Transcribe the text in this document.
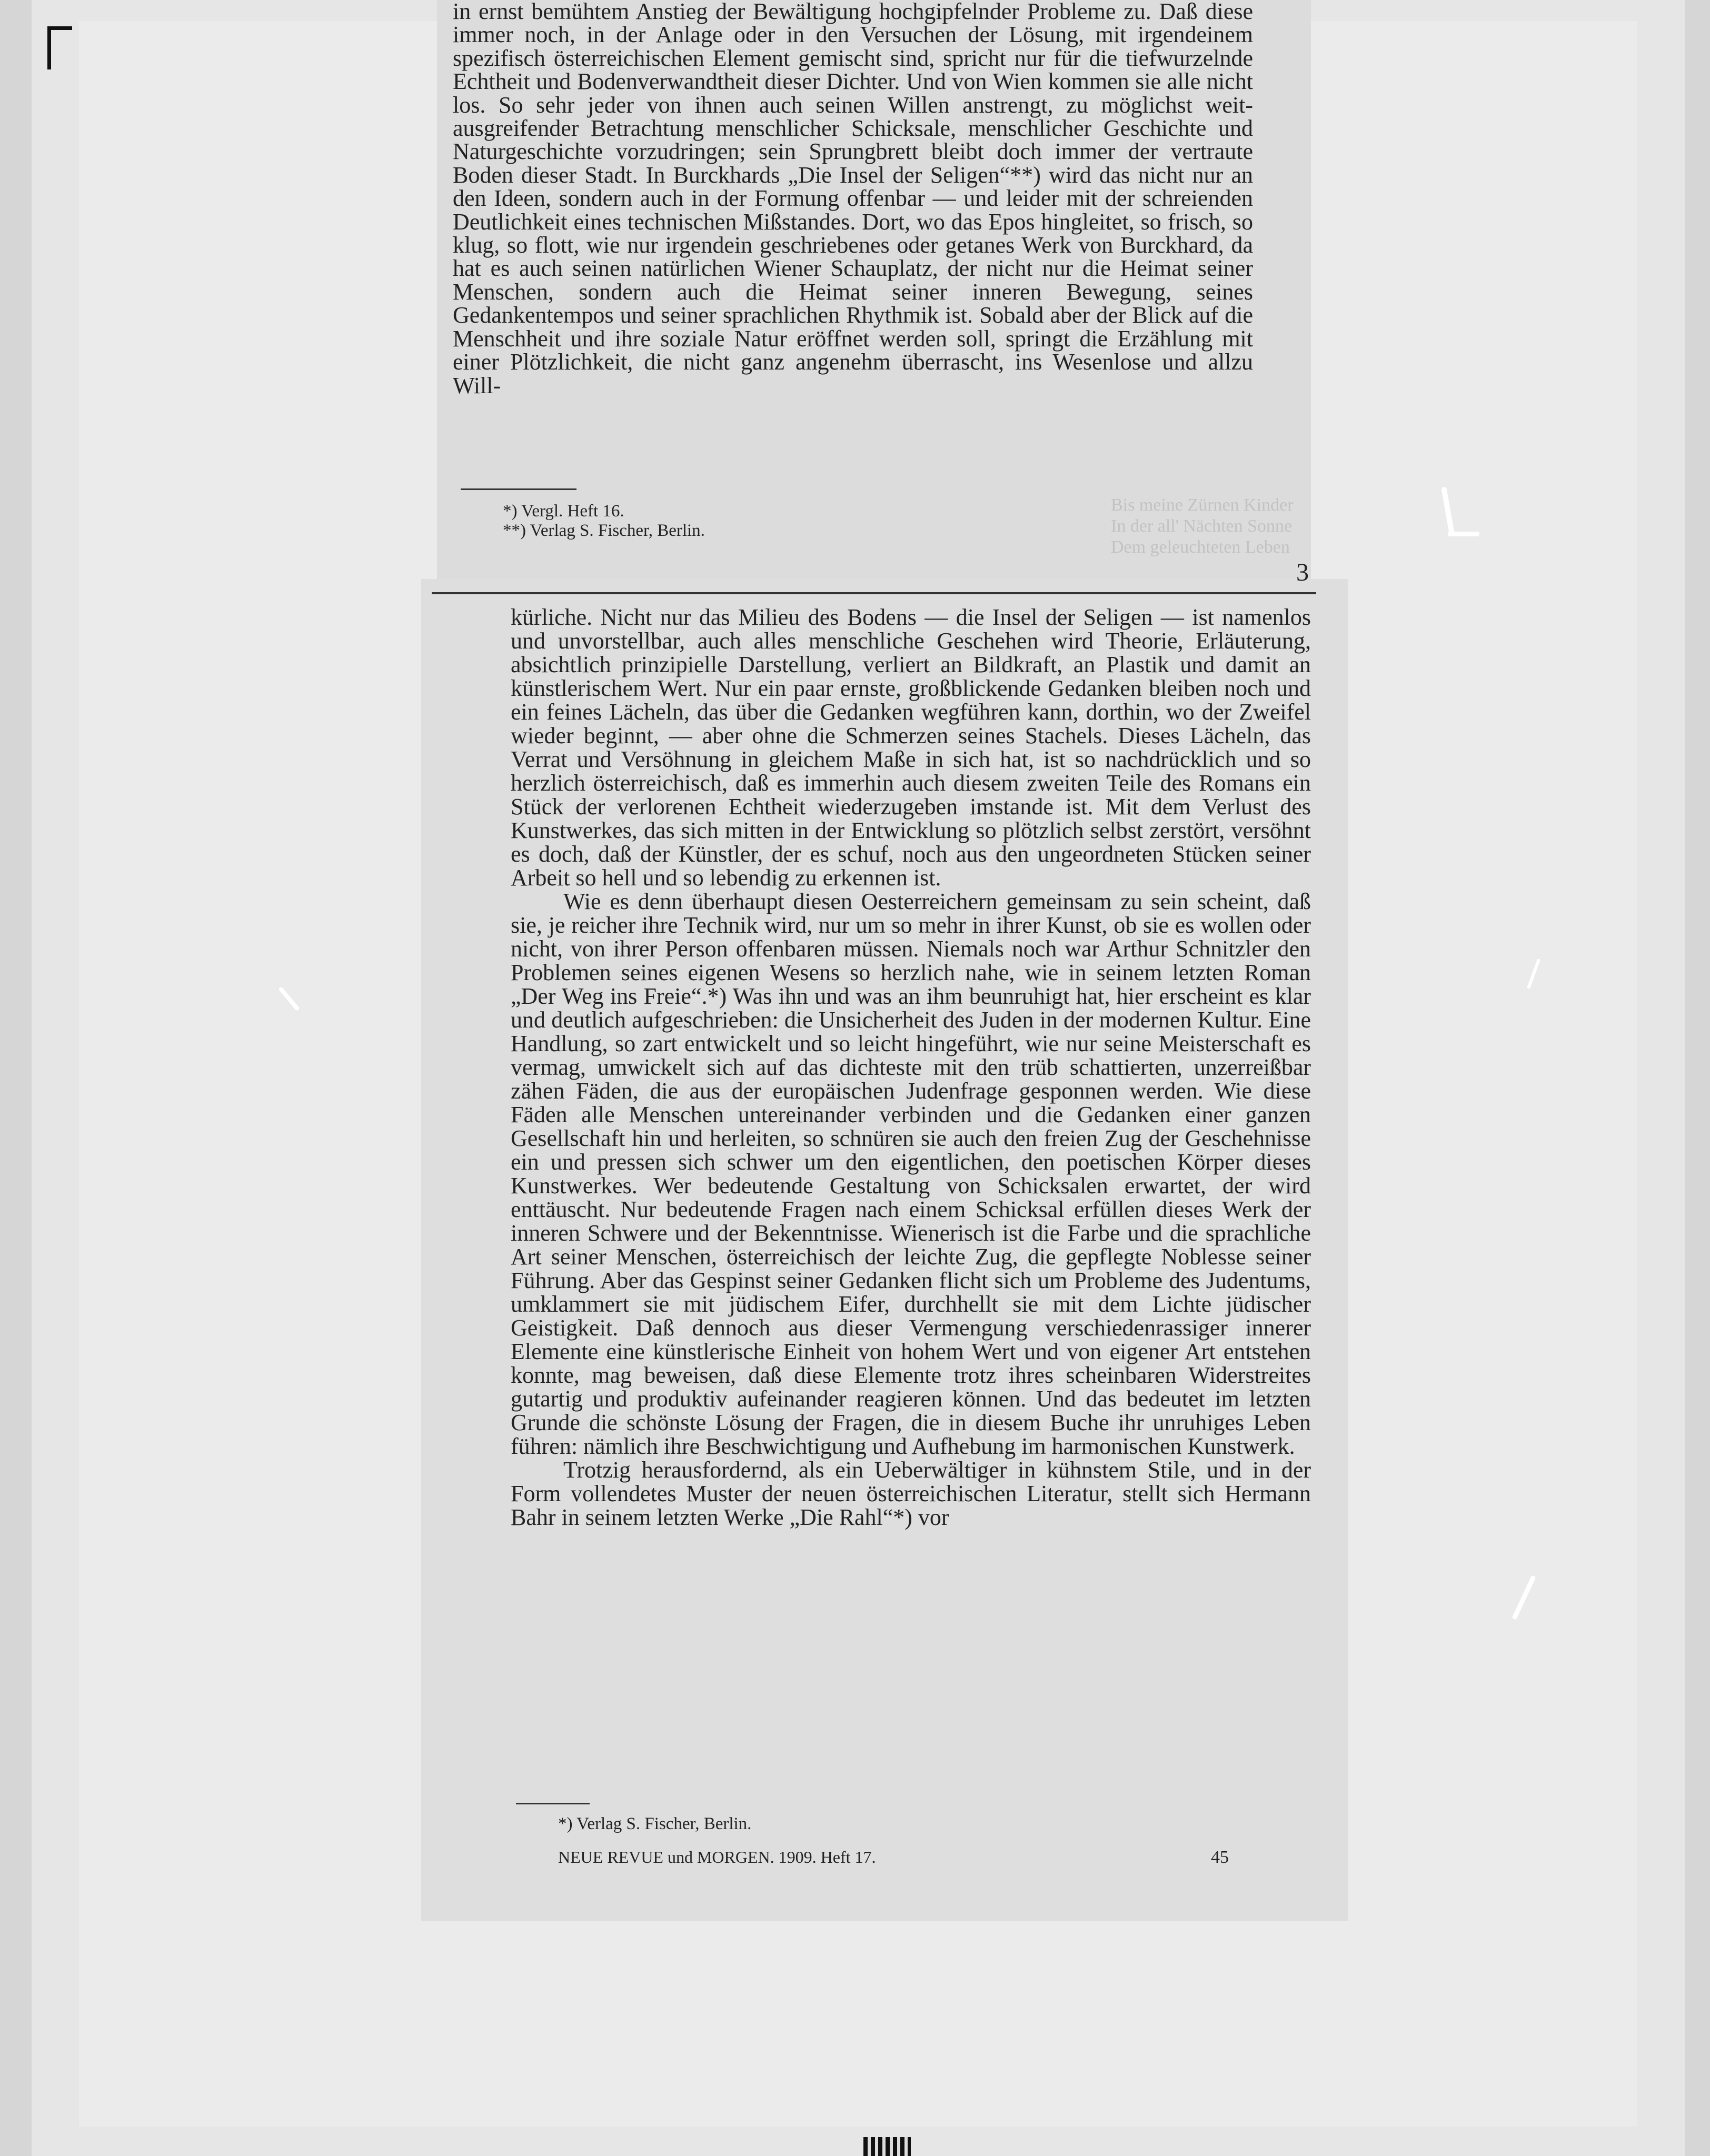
Bis meine Zürnen Kinder
In der all' Nächten Sonne
Dem geleuchteten Leben

in ernst bemühtem Anstieg der Bewältigung hochgipfelnder Probleme zu. Daß diese immer noch, in der Anlage oder in den Versuchen der Lösung, mit irgendeinem spezifisch österreichischen Element gemischt sind, spricht nur für die tiefwurzelnde Echtheit und Bodenverwandtheit dieser Dichter. Und von Wien kommen sie alle nicht los. So sehr jeder von ihnen auch seinen Willen anstrengt, zu möglichst weit-ausgreifender Betrachtung menschlicher Schicksale, menschlicher Geschichte und Naturgeschichte vorzudringen; sein Sprungbrett bleibt doch immer der vertraute Boden dieser Stadt. In Burckhards „Die Insel der Seligen“**) wird das nicht nur an den Ideen, sondern auch in der Formung offenbar — und leider mit der schreienden Deutlichkeit eines technischen Mißstandes. Dort, wo das Epos hingleitet, so frisch, so klug, so flott, wie nur irgendein geschriebenes oder getanes Werk von Burckhard, da hat es auch seinen natürlichen Wiener Schauplatz, der nicht nur die Heimat seiner Menschen, sondern auch die Heimat seiner inneren Bewegung, seines Gedankentempos und seiner sprachlichen Rhythmik ist. Sobald aber der Blick auf die Menschheit und ihre soziale Natur eröffnet werden soll, springt die Erzählung mit einer Plötzlichkeit, die nicht ganz angenehm überrascht, ins Wesenlose und allzu Will-

*) Vergl. Heft 16.
**) Verlag S. Fischer, Berlin.
3

kürliche. Nicht nur das Milieu des Bodens — die Insel der Seligen — ist namenlos und unvorstellbar, auch alles menschliche Geschehen wird Theorie, Erläuterung, absichtlich prinzipielle Darstellung, verliert an Bildkraft, an Plastik und damit an künstlerischem Wert. Nur ein paar ernste, großblickende Gedanken bleiben noch und ein feines Lächeln, das über die Gedanken wegführen kann, dorthin, wo der Zweifel wieder beginnt, — aber ohne die Schmerzen seines Stachels. Dieses Lächeln, das Verrat und Versöhnung in gleichem Maße in sich hat, ist so nachdrücklich und so herzlich österreichisch, daß es immerhin auch diesem zweiten Teile des Romans ein Stück der verlorenen Echtheit wiederzugeben imstande ist. Mit dem Verlust des Kunstwerkes, das sich mitten in der Entwicklung so plötzlich selbst zerstört, versöhnt es doch, daß der Künstler, der es schuf, noch aus den ungeordneten Stücken seiner Arbeit so hell und so lebendig zu erkennen ist.

Wie es denn überhaupt diesen Oesterreichern gemeinsam zu sein scheint, daß sie, je reicher ihre Technik wird, nur um so mehr in ihrer Kunst, ob sie es wollen oder nicht, von ihrer Person offenbaren müssen. Niemals noch war Arthur Schnitzler den Problemen seines eigenen Wesens so herzlich nahe, wie in seinem letzten Roman „Der Weg ins Freie“.*) Was ihn und was an ihm beunruhigt hat, hier erscheint es klar und deutlich aufgeschrieben: die Unsicherheit des Juden in der modernen Kultur. Eine Handlung, so zart entwickelt und so leicht hingeführt, wie nur seine Meisterschaft es vermag, umwickelt sich auf das dichteste mit den trüb schattierten, unzerreißbar zähen Fäden, die aus der europäischen Judenfrage gesponnen werden. Wie diese Fäden alle Menschen untereinander verbinden und die Gedanken einer ganzen Gesellschaft hin und herleiten, so schnüren sie auch den freien Zug der Geschehnisse ein und pressen sich schwer um den eigentlichen, den poetischen Körper dieses Kunstwerkes. Wer bedeutende Gestaltung von Schicksalen erwartet, der wird enttäuscht. Nur bedeutende Fragen nach einem Schicksal erfüllen dieses Werk der inneren Schwere und der Bekenntnisse. Wienerisch ist die Farbe und die sprachliche Art seiner Menschen, österreichisch der leichte Zug, die gepflegte Noblesse seiner Führung. Aber das Gespinst seiner Gedanken flicht sich um Probleme des Judentums, umklammert sie mit jüdischem Eifer, durchhellt sie mit dem Lichte jüdischer Geistigkeit. Daß dennoch aus dieser Vermengung verschiedenrassiger innerer Elemente eine künstlerische Einheit von hohem Wert und von eigener Art entstehen konnte, mag beweisen, daß diese Elemente trotz ihres scheinbaren Widerstreites gutartig und produktiv aufeinander reagieren können. Und das bedeutet im letzten Grunde die schönste Lösung der Fragen, die in diesem Buche ihr unruhiges Leben führen: nämlich ihre Beschwichtigung und Aufhebung im harmonischen Kunstwerk.

Trotzig herausfordernd, als ein Ueberwältiger in kühnstem Stile, und in der Form vollendetes Muster der neuen österreichischen Literatur, stellt sich Hermann Bahr in seinem letzten Werke „Die Rahl“*) vor

*) Verlag S. Fischer, Berlin.
NEUE REVUE und MORGEN. 1909. Heft 17.	45
